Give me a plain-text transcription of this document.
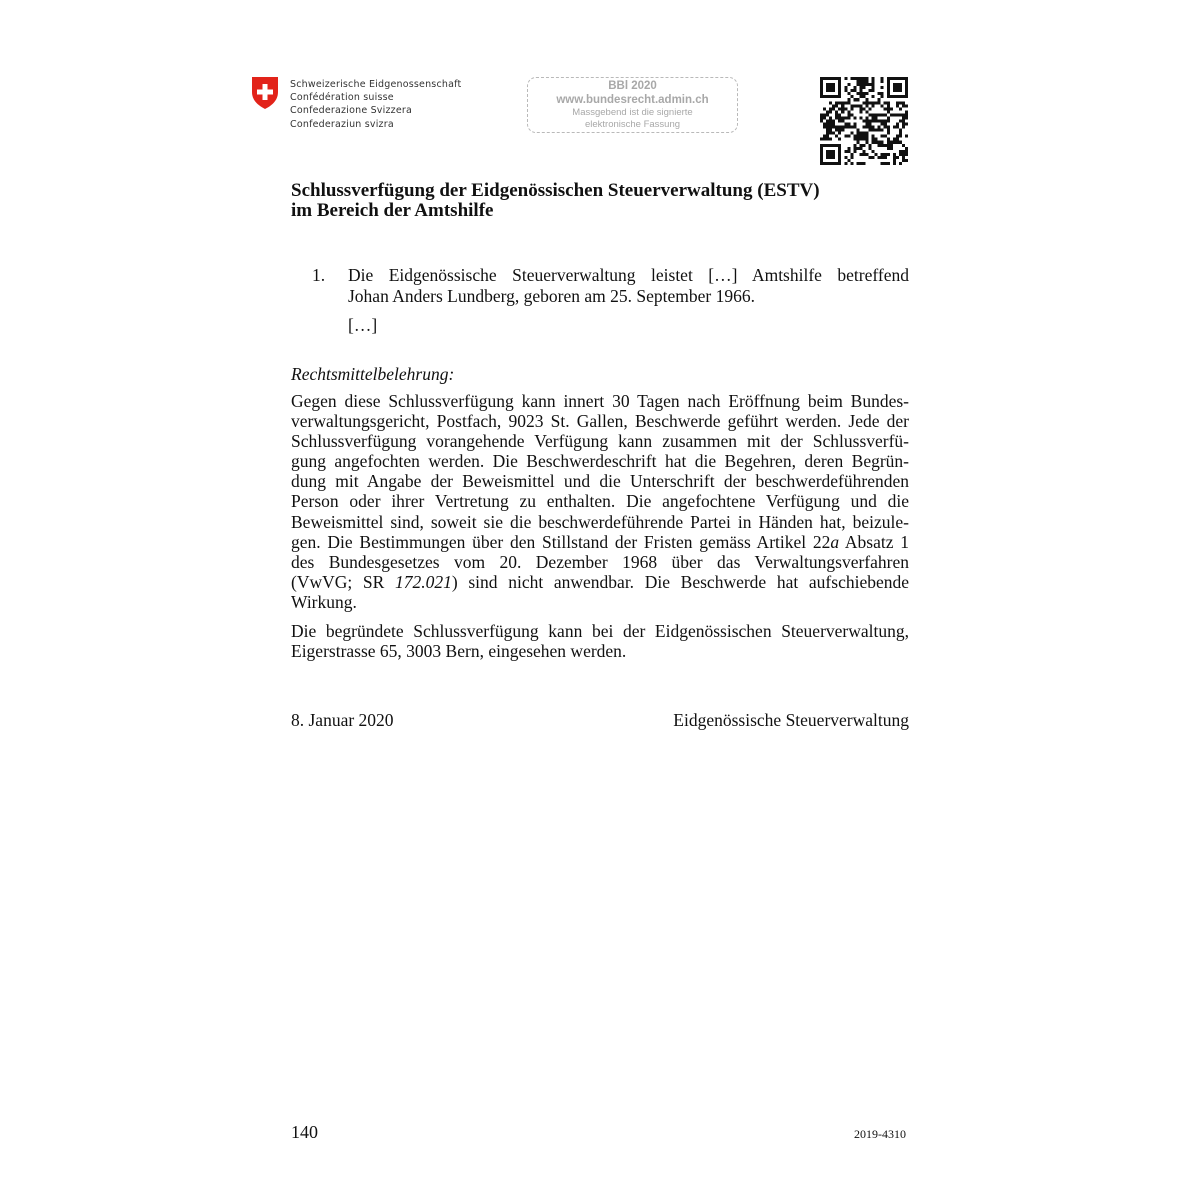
Schweizerische Eidgenossenschaft
Confédération suisse
Confederazione Svizzera
Confederaziun svizra
BBl 2020
www.bundesrecht.admin.ch
Massgebend ist die signierte
elektronische Fassung
Schlussverfügung der Eidgenössischen Steuerverwaltung (ESTV)
im Bereich der Amtshilfe
1. Die Eidgenössische Steuerverwaltung leistet […] Amtshilfe betreffend
Johan Anders Lundberg, geboren am 25. September 1966.
[…]
Rechtsmittelbelehrung:
Gegen diese Schlussverfügung kann innert 30 Tagen nach Eröffnung beim Bundes-
verwaltungsgericht, Postfach, 9023 St. Gallen, Beschwerde geführt werden. Jede der
Schlussverfügung vorangehende Verfügung kann zusammen mit der Schlussverfü-
gung angefochten werden. Die Beschwerdeschrift hat die Begehren, deren Begrün-
dung mit Angabe der Beweismittel und die Unterschrift der beschwerdeführenden
Person oder ihrer Vertretung zu enthalten. Die angefochtene Verfügung und die
Beweismittel sind, soweit sie die beschwerdeführende Partei in Händen hat, beizule-
gen. Die Bestimmungen über den Stillstand der Fristen gemäss Artikel 22a Absatz 1
des Bundesgesetzes vom 20. Dezember 1968 über das Verwaltungsverfahren
(VwVG; SR 172.021) sind nicht anwendbar. Die Beschwerde hat aufschiebende
Wirkung.
Die begründete Schlussverfügung kann bei der Eidgenössischen Steuerverwaltung,
Eigerstrasse 65, 3003 Bern, eingesehen werden.
8. Januar 2020	Eidgenössische Steuerverwaltung
140	2019-4310
